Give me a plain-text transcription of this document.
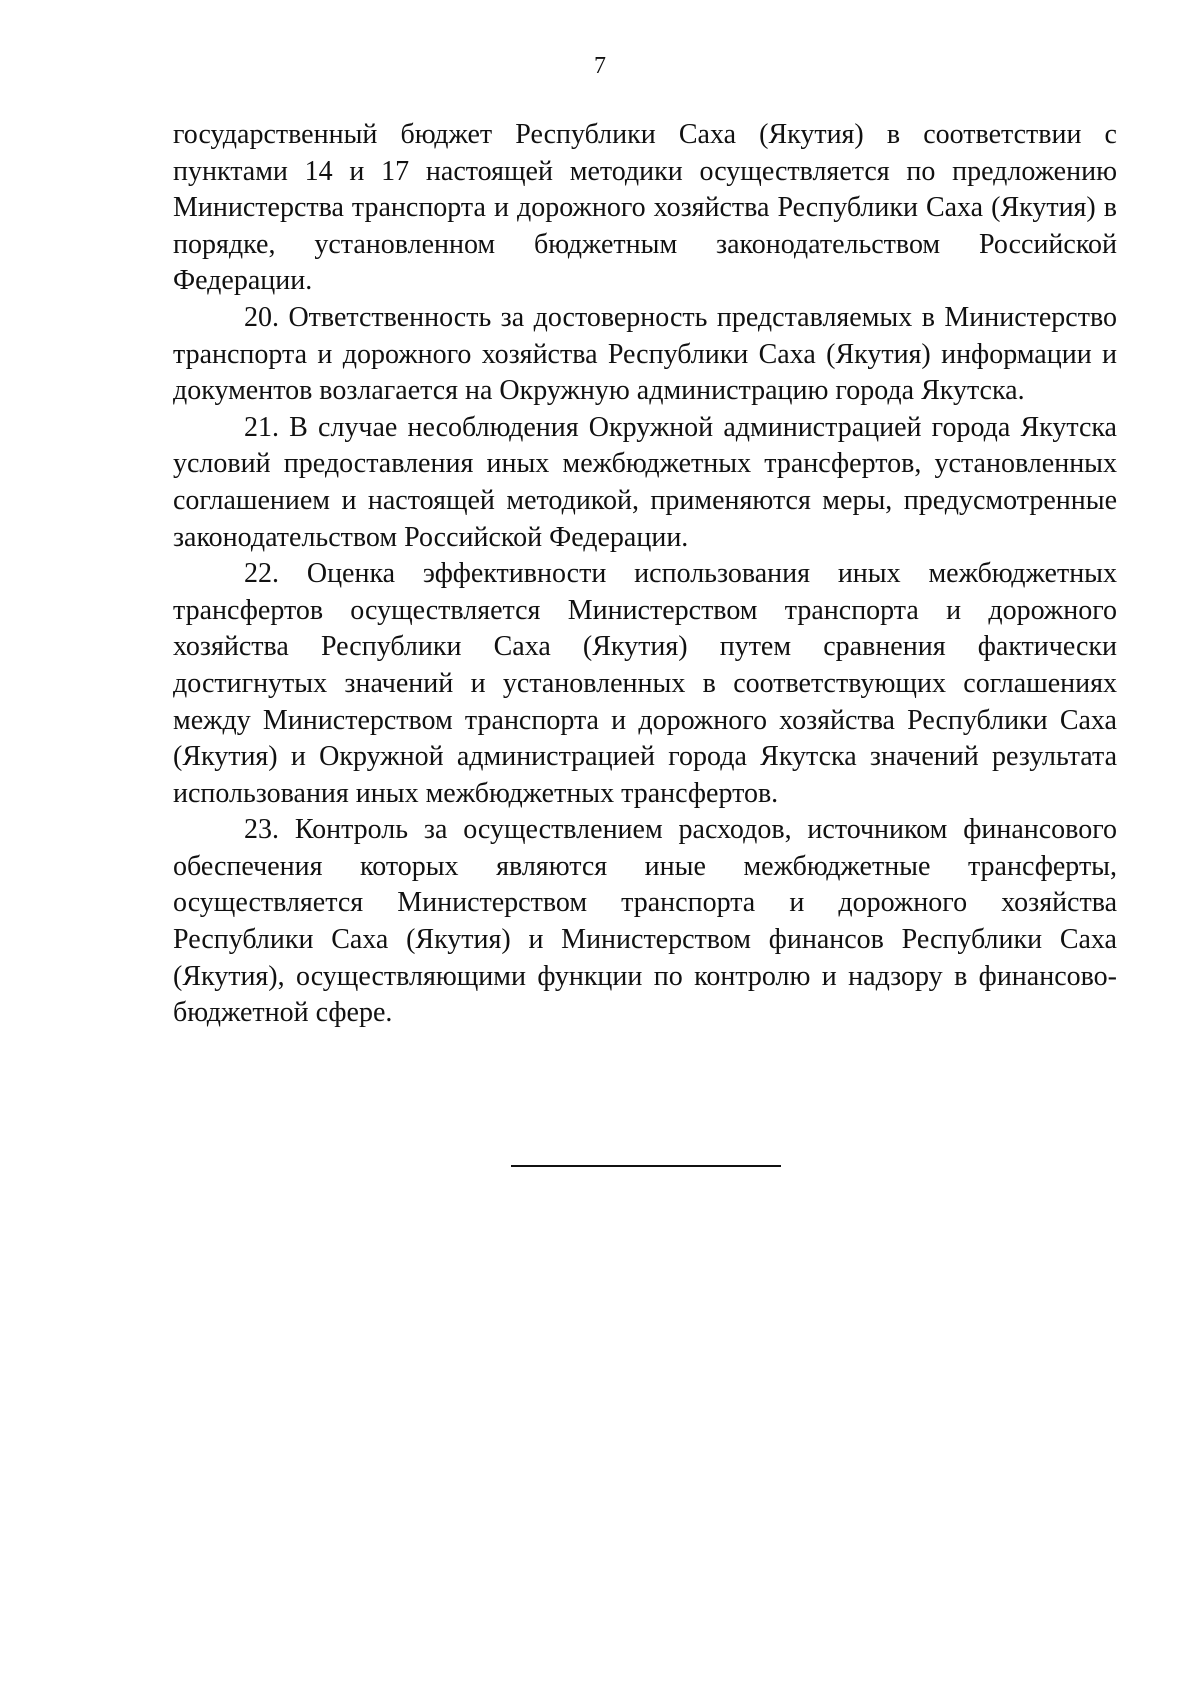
7

государственный бюджет Республики Саха (Якутия) в соответствии с пунктами 14 и 17 настоящей методики осуществляется по предложению Министерства транспорта и дорожного хозяйства Республики Саха (Якутия) в порядке, установленном бюджетным законодательством Российской Федерации.

20. Ответственность за достоверность представляемых в Министерство транспорта и дорожного хозяйства Республики Саха (Якутия) информации и документов возлагается на Окружную администрацию города Якутска.

21. В случае несоблюдения Окружной администрацией города Якутска условий предоставления иных межбюджетных трансфертов, установленных соглашением и настоящей методикой, применяются меры, предусмотренные законодательством Российской Федерации.

22. Оценка эффективности использования иных межбюджетных трансфертов осуществляется Министерством транспорта и дорожного хозяйства Республики Саха (Якутия) путем сравнения фактически достигнутых значений и установленных в соответствующих соглашениях между Министерством транспорта и дорожного хозяйства Республики Саха (Якутия) и Окружной администрацией города Якутска значений результата использования иных межбюджетных трансфертов.

23. Контроль за осуществлением расходов, источником финансового обеспечения которых являются иные межбюджетные трансферты, осуществляется Министерством транспорта и дорожного хозяйства Республики Саха (Якутия) и Министерством финансов Республики Саха (Якутия), осуществляющими функции по контролю и надзору в финансово-бюджетной сфере.
